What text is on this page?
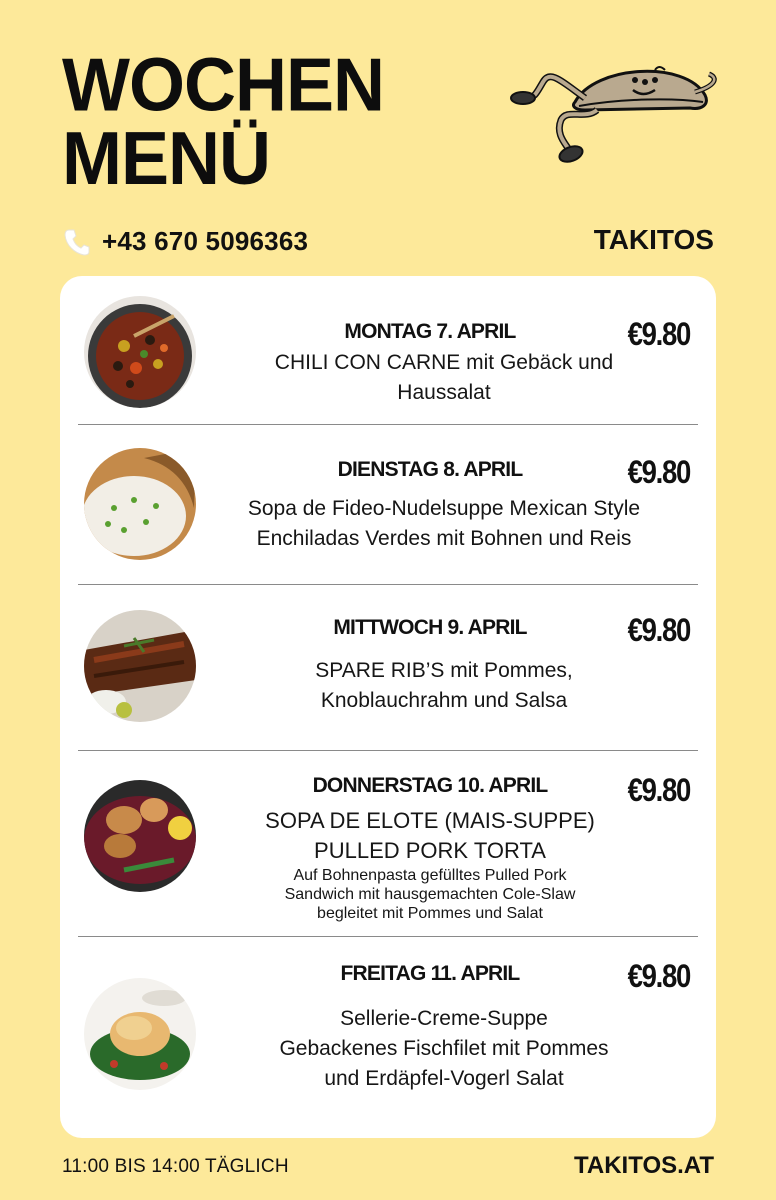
WOCHEN
MENÜ
+43 670 5096363	TAKITOS
MONTAG 7. APRIL	€9.80
CHILI CON CARNE mit Gebäck und
Haussalat
DIENSTAG 8. APRIL	€9.80
Sopa de Fideo-Nudelsuppe Mexican Style
Enchiladas Verdes mit Bohnen und Reis
MITTWOCH 9. APRIL	€9.80
SPARE RIB’S mit Pommes,
Knoblauchrahm und Salsa
DONNERSTAG 10. APRIL	€9.80
SOPA DE ELOTE (MAIS-SUPPE)
PULLED PORK TORTA
Auf Bohnenpasta gefülltes Pulled Pork
Sandwich mit hausgemachten Cole-Slaw
begleitet mit Pommes und Salat
FREITAG 11. APRIL	€9.80
Sellerie-Creme-Suppe
Gebackenes Fischfilet mit Pommes
und Erdäpfel-Vogerl Salat
11:00 BIS 14:00 TÄGLICH	TAKITOS.AT
